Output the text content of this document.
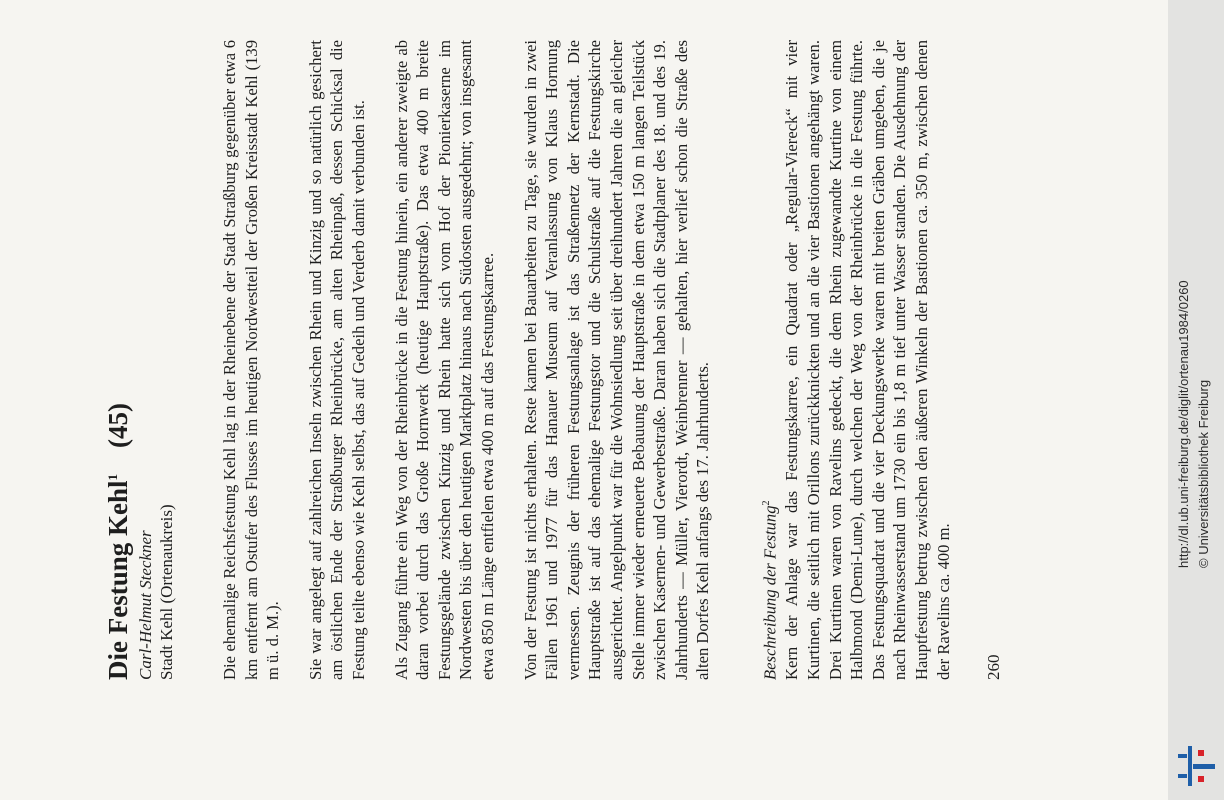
Die Festung Kehl$^1$(45)

Carl-Helmut Steckner Stadt Kehl (Ortenaukreis)	Die ehemalige Reichsfestung Kehl lag in der Rheinebene der Stadt Straßburg gegenüber etwa 6 km entfernt am Ostufer des Flusses im heutigen Nordwestteil der Großen Kreisstadt Kehl (139 m ü. d. M.). Sie war angelegt auf zahlreichen Inseln zwischen Rhein und Kinzig und so natürlich gesichert am östlichen Ende der Straßburger Rheinbrücke, am alten Rheinpaß, dessen Schicksal die Festung teilte ebenso wie Kehl selbst, das auf Gedeih und Verderb damit verbunden ist. Als Zugang führte ein Weg von der Rheinbrücke in die Festung hinein, ein anderer zweigte ab daran vorbei durch das Große Hornwerk (heutige Hauptstraße). Das etwa 400 m breite Festungsgelände zwischen Kinzig und Rhein hatte sich vom Hof der Pionierkaserne im Nordwesten bis über den heutigen Marktplatz hinaus nach Südosten ausgedehnt; von insgesamt etwa 850 m Länge entfielen etwa 400 m auf das Festungskarree. Von der Festung ist nichts erhalten. Reste kamen bei Bauarbeiten zu Tage, sie wurden in zwei Fällen 1961 und 1977 für das Hanauer Museum auf Veranlassung von Klaus Hornung vermessen. Zeugnis der früheren Festungsanlage ist das Straßennetz der Kernstadt. Die Hauptstraße ist auf das ehemalige Festungstor und die Schulstraße auf die Festungskirche ausgerichtet. Angelpunkt war für die Wohnsiedlung seit über dreihundert Jahren die an gleicher Stelle immer wieder erneuerte Bebauung der Hauptstraße in dem etwa 150 m langen Teilstück zwischen Kasernen- und Gewerbestraße. Daran haben sich die Stadtplaner des 18. und des 19. Jahrhunderts — Müller, Vierordt, Weinbrenner — gehalten, hier verlief schon die Straße des alten Dorfes Kehl anfangs des 17. Jahrhunderts.	Beschreibung der Festung$^2$ Kern der Anlage war das Festungskarree, ein Quadrat oder „Regular-Viereck“ mit vier Kurtinen, die seitlich mit Orillons zurückknickten und an die vier Bastionen angehängt waren. Drei Kurtinen waren von Ravelins gedeckt, die dem Rhein zugewandte Kurtine von einem Halbmond (Demi-Lune), durch welchen der Weg von der Rheinbrücke in die Festung führte. Das Festungsquadrat und die vier Deckungswerke waren mit breiten Gräben umgeben, die je nach Rheinwasserstand um 1730 ein bis 1,8 m tief unter Wasser standen. Die Ausdehnung der Hauptfestung betrug zwischen den äußeren Winkeln der Bastionen ca. 350 m, zwischen denen der Ravelins ca. 400 m. 260
http://dl.ub.uni-freiburg.de/diglit/ortenau1984/0260 © Universitätsbibliothek Freiburg
